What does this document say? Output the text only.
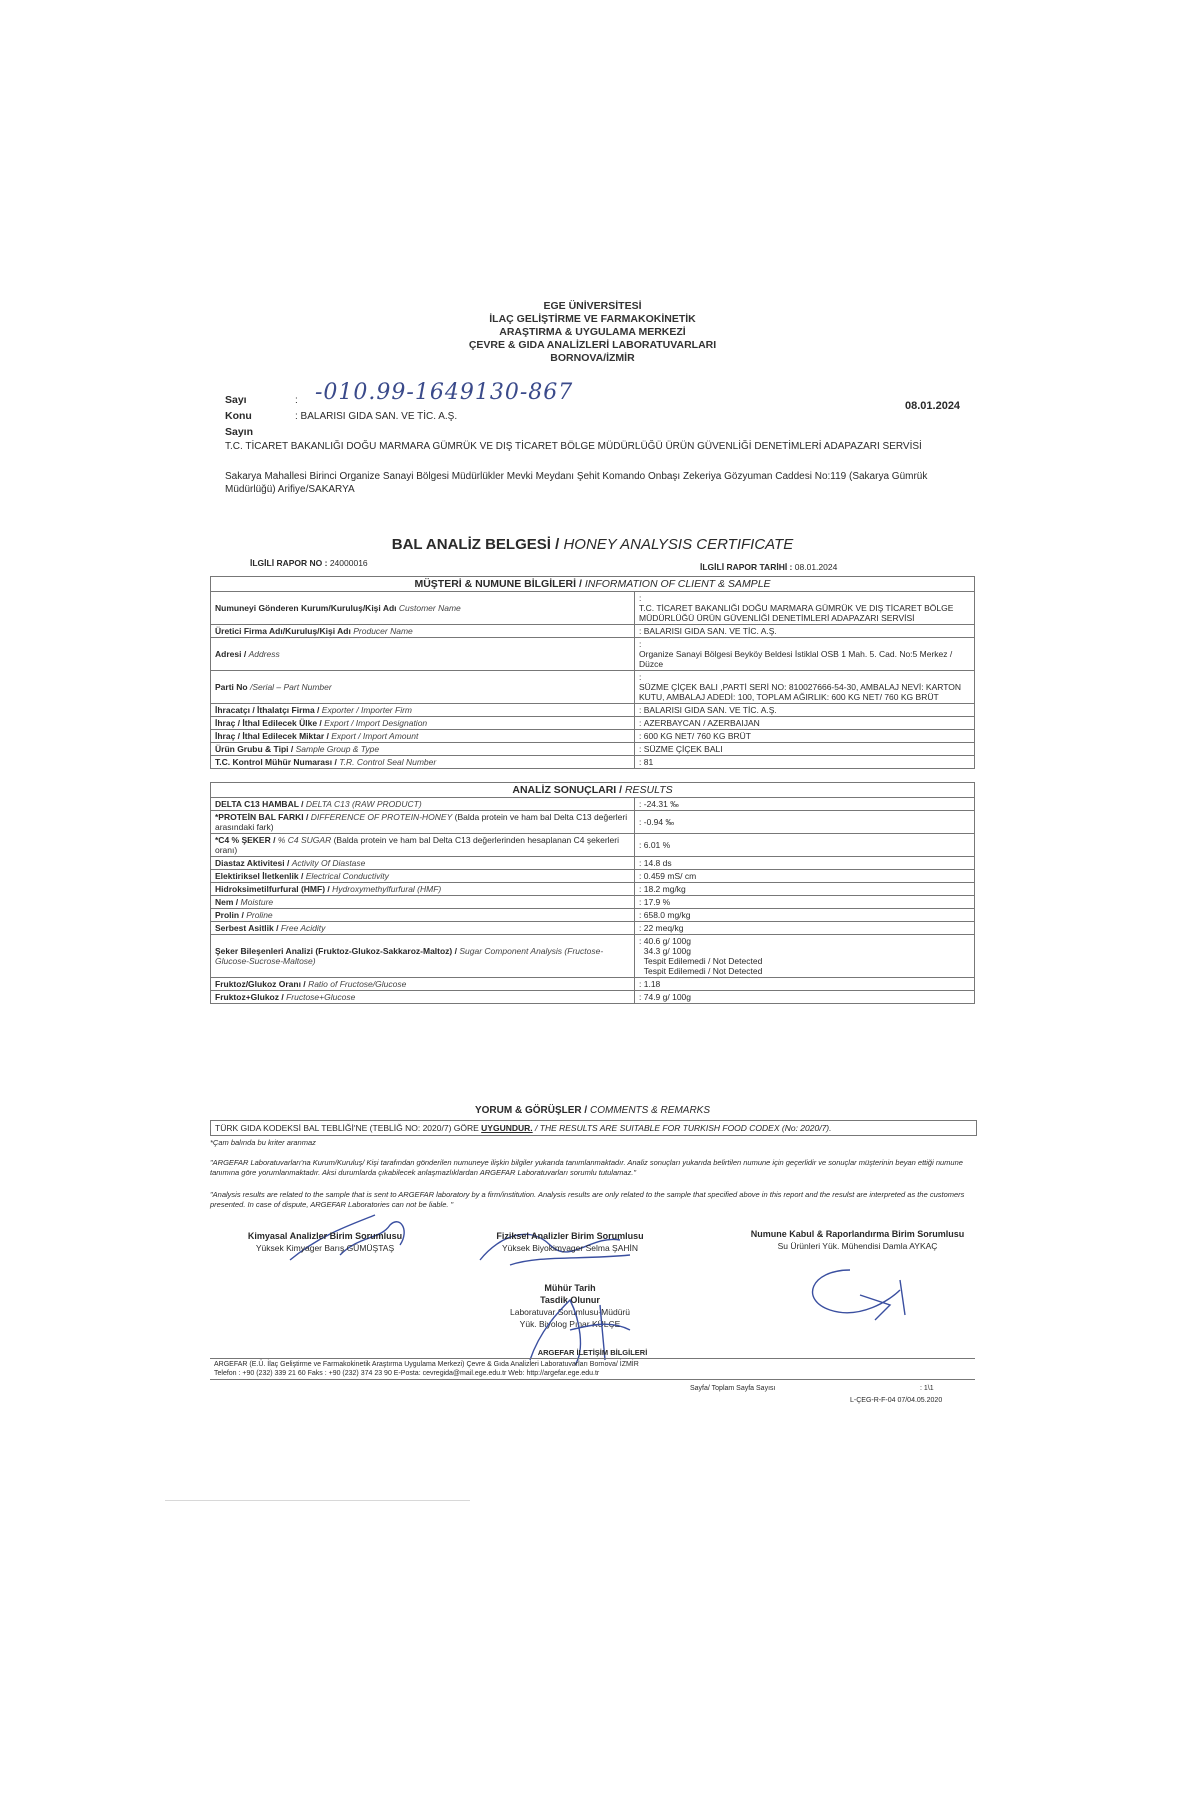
EGE ÜNİVERSİTESİ
İLAÇ GELİŞTİRME VE FARMAKOKİNETİK
ARAŞTIRMA & UYGULAMA MERKEZİ
ÇEVRE & GIDA ANALİZLERİ LABORATUVARLARI
BORNOVA/İZMİR
Sayı	: -010.99-1649130-867
08.01.2024
Konu	: BALARISI GIDA SAN. VE TİC. A.Ş.
Sayın
T.C. TİCARET BAKANLIĞI DOĞU MARMARA GÜMRÜK VE DIŞ TİCARET BÖLGE MÜDÜRLÜĞÜ ÜRÜN GÜVENLİĞİ DENETİMLERİ ADAPAZARI SERVİSİ
Sakarya Mahallesi Birinci Organize Sanayi Bölgesi Müdürlükler Mevki Meydanı Şehit Komando Onbaşı Zekeriya Gözyuman Caddesi No:119 (Sakarya Gümrük Müdürlüğü) Arifiye/SAKARYA
BAL ANALİZ BELGESİ / HONEY ANALYSIS CERTIFICATE
İLGİLİ RAPOR NO : 24000016	İLGİLİ RAPOR TARİHİ : 08.01.2024
MÜŞTERİ & NUMUNE BİLGİLERİ / INFORMATION OF CLIENT & SAMPLE	
Numuneyi Gönderen Kurum/Kuruluş/Kişi Adı Customer Name	: T.C. TİCARET BAKANLIĞI DOĞU MARMARA GÜMRÜK VE DIŞ TİCARET BÖLGE MÜDÜRLÜĞÜ ÜRÜN GÜVENLİĞİ DENETİMLERİ ADAPAZARI SERVİSİ
Üretici Firma Adı/Kuruluş/Kişi Adı Producer Name	: BALARISI GIDA SAN. VE TİC. A.Ş.
Adresi / Address	: Organize Sanayi Bölgesi Beyköy Beldesi İstiklal OSB 1 Mah. 5. Cad. No:5 Merkez / Düzce
Parti No /Serial – Part Number	: SÜZME ÇİÇEK BALI ,PARTİ SERİ NO: 810027666-54-30, AMBALAJ NEVİ: KARTON KUTU, AMBALAJ ADEDİ: 100, TOPLAM AĞIRLIK: 600 KG NET/ 760 KG BRÜT
İhracatçı / İthalatçı Firma / Exporter / Importer Firm	: BALARISI GIDA SAN. VE TİC. A.Ş.
İhraç / İthal Edilecek Ülke / Export / Import Designation	: AZERBAYCAN / AZERBAIJAN
İhraç / İthal Edilecek Miktar / Export / Import Amount	: 600 KG NET/ 760 KG BRÜT
Ürün Grubu & Tipi / Sample Group & Type	: SÜZME ÇİÇEK BALI
T.C. Kontrol Mühür Numarası / T.R. Control Seal Number	: 81
ANALİZ SONUÇLARI / RESULTS	
DELTA C13 HAMBAL / DELTA C13 (RAW PRODUCT)	: -24.31 ‰
*PROTEİN BAL FARKI / DIFFERENCE OF PROTEIN-HONEY (Balda protein ve ham bal Delta C13 değerleri arasındaki fark)	: -0.94 ‰
*C4 % ŞEKER / % C4 SUGAR (Balda protein ve ham bal Delta C13 değerlerinden hesaplanan C4 şekerleri oranı)	: 6.01 %
Diastaz Aktivitesi / Activity Of Diastase	: 14.8 ds
Elektiriksel İletkenlik / Electrical Conductivity	: 0.459 mS/ cm
Hidroksimetilfurfural (HMF) / Hydroxymethylfurfural (HMF)	: 18.2 mg/kg
Nem / Moisture	: 17.9 %
Prolin / Proline	: 658.0 mg/kg
Serbest Asitlik / Free Acidity	: 22 meq/kg
Şeker Bileşenleri Analizi (Fruktoz-Glukoz-Sakkaroz-Maltoz) / Sugar Component Analysis (Fructose-Glucose-Sucrose-Maltose)	: 40.6 g/ 100g
34.3 g/ 100g
Tespit Edilemedi / Not Detected
Tespit Edilemedi / Not Detected
Fruktoz/Glukoz Oranı / Ratio of Fructose/Glucose	: 1.18
Fruktoz+Glukoz / Fructose+Glucose	: 74.9 g/ 100g
YORUM & GÖRÜŞLER / COMMENTS & REMARKS
TÜRK GIDA KODEKSİ BAL TEBLİĞİ'NE (TEBLİĞ NO: 2020/7) GÖRE UYGUNDUR. / THE RESULTS ARE SUITABLE FOR TURKISH FOOD CODEX (No: 2020/7).
*Çam balında bu kriter aranmaz
"ARGEFAR Laboratuvarları'na Kurum/Kuruluş/ Kişi tarafından gönderilen numuneye ilişkin bilgiler yukarıda tanımlanmaktadır. Analiz sonuçları yukarıda belirtilen numune için geçerlidir ve sonuçlar müşterinin beyan ettiği numune tanımına göre yorumlanmaktadır. Aksi durumlarda çıkabilecek anlaşmazlıklardan ARGEFAR Laboratuvarları sorumlu tutulamaz."
"Analysis results are related to the sample that is sent to ARGEFAR laboratory by a firm/institution. Analysis results are only related to the sample that specified above in this report and the resulst are interpreted as the customers presented. In case of dispute, ARGEFAR Laboratories can not be liable. "
Kimyasal Analizler Birim Sorumlusu
Yüksek Kimyager Barış GÜMÜŞTAŞ
Fiziksel Analizler Birim Sorumlusu
Yüksek Biyokimyager Selma ŞAHİN
Numune Kabul & Raporlandırma Birim Sorumlusu
Su Ürünleri Yük. Mühendisi Damla AYKAÇ
Mühür Tarih
Tasdik Olunur
Laboratuvar Sorumlusu-Müdürü
Yük. Biyolog Pınar KÜLÇE
ARGEFAR İLETİŞİM BİLGİLERİ
ARGEFAR (E.Ü. İlaç Geliştirme ve Farmakokinetik Araştırma Uygulama Merkezi) Çevre & Gıda Analizleri Laboratuvarları Bornova/ İZMİR
Telefon : +90 (232) 339 21 60 Faks : +90 (232) 374 23 90 E-Posta: cevregida@mail.ege.edu.tr Web: http://argefar.ege.edu.tr
Sayfa/ Toplam Sayfa Sayısı	: 1\1
L-ÇEG-R-F-04 07/04.05.2020
